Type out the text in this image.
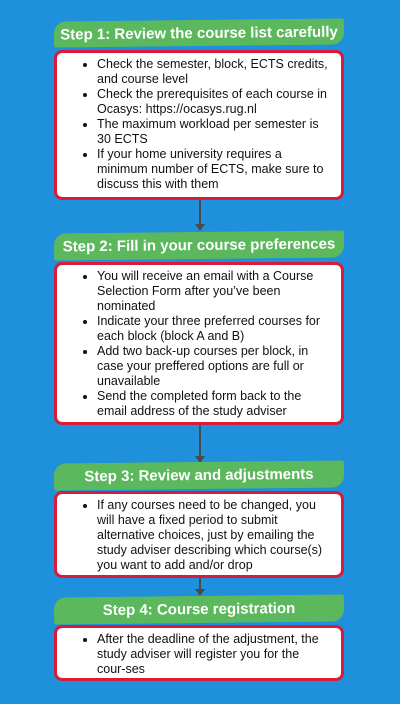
Step 1: Review the course list carefully
• Check the semester, block, ECTS credits, and course level
• Check the prerequisites of each course in Ocasys: https://ocasys.rug.nl
• The maximum workload per semester is 30 ECTS
• If your home university requires a minimum number of ECTS, make sure to discuss this with them
Step 2: Fill in your course preferences
• You will receive an email with a Course Selection Form after you’ve been nominated
• Indicate your three preferred courses for each block (block A and B)
• Add two back-up courses per block, in case your preffered options are full or unavailable
• Send the completed form back to the email address of the study adviser
Step 3: Review and adjustments
• If any courses need to be changed, you will have a fixed period to submit alternative choices, just by emailing the study adviser describing which course(s) you want to add and/or drop
Step 4: Course registration
• After the deadline of the adjustment, the study adviser will register you for the cour-ses
